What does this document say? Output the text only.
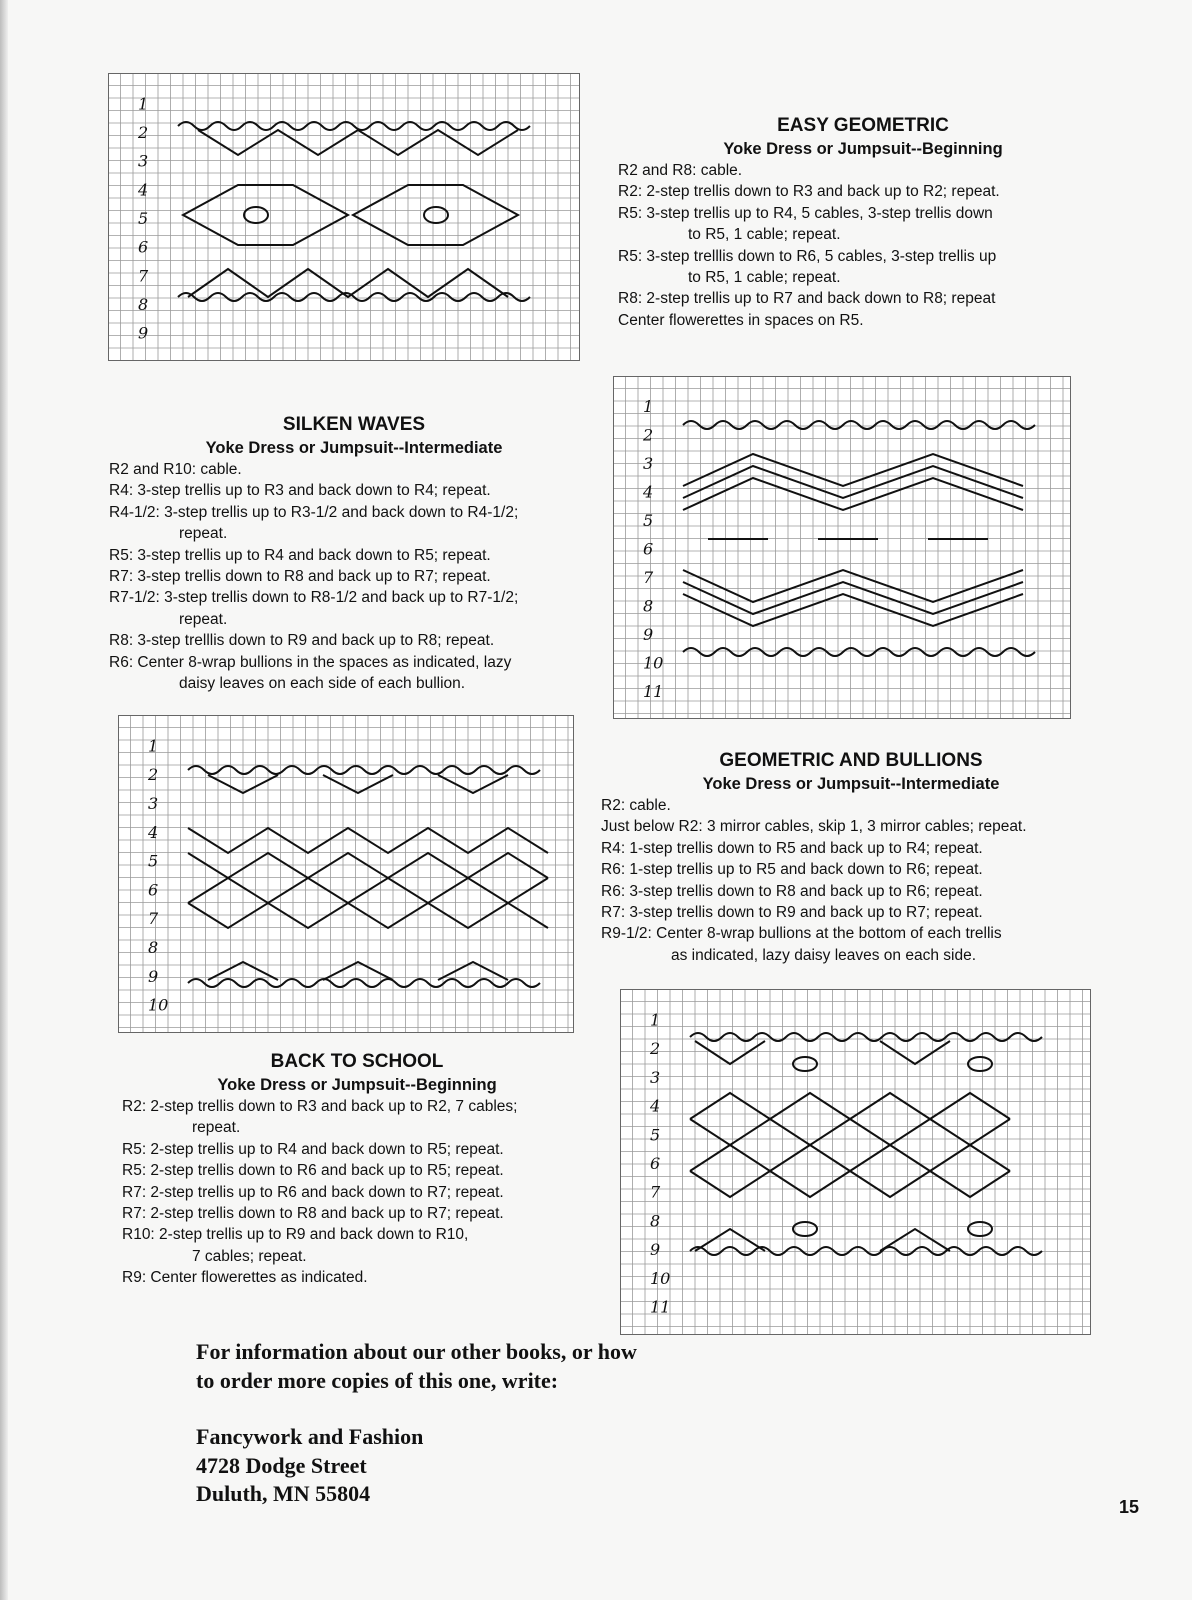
1
2
3
4
5
6
7
8
9
1
2
3
4
5
6
7
8
9
10
11
1
2
3
4
5
6
7
8
9
10
1
2
3
4
5
6
7
8
9
10
11
EASY GEOMETRIC
Yoke Dress or Jumpsuit--Beginning
R2 and R8: cable.
R2: 2-step trellis down to R3 and back up to R2; repeat.
R5: 3-step trellis up to R4, 5 cables, 3-step trellis down
to R5, 1 cable; repeat.
R5: 3-step trelllis down to R6, 5 cables, 3-step trellis up
to R5, 1 cable; repeat.
R8: 2-step trellis up to R7 and back down to R8; repeat
Center flowerettes in spaces on R5.
SILKEN WAVES
Yoke Dress or Jumpsuit--Intermediate
R2 and R10: cable.
R4: 3-step trellis up to R3 and back down to R4; repeat.
R4-1/2: 3-step trellis up to R3-1/2 and back down to R4-1/2;
repeat.
R5: 3-step trellis up to R4 and back down to R5; repeat.
R7: 3-step trellis down to R8 and back up to R7; repeat.
R7-1/2: 3-step trellis down to R8-1/2 and back up to R7-1/2;
repeat.
R8: 3-step trelllis down to R9 and back up to R8; repeat.
R6: Center 8-wrap bullions in the spaces as indicated, lazy
daisy leaves on each side of each bullion.
GEOMETRIC AND BULLIONS
Yoke Dress or Jumpsuit--Intermediate
R2: cable.
Just below R2: 3 mirror cables, skip 1, 3 mirror cables; repeat.
R4: 1-step trellis down to R5 and back up to R4; repeat.
R6: 1-step trellis up to R5 and back down to R6; repeat.
R6: 3-step trellis down to R8 and back up to R6; repeat.
R7: 3-step trellis down to R9 and back up to R7; repeat.
R9-1/2: Center 8-wrap bullions at the bottom of each trellis
as indicated, lazy daisy leaves on each side.
BACK TO SCHOOL
Yoke Dress or Jumpsuit--Beginning
R2: 2-step trellis down to R3 and back up to R2, 7 cables;
repeat.
R5: 2-step trellis up to R4 and back down to R5; repeat.
R5: 2-step trellis down to R6 and back up to R5; repeat.
R7: 2-step trellis up to R6 and back down to R7; repeat.
R7: 2-step trellis down to R8 and back up to R7; repeat.
R10: 2-step trellis up to R9 and back down to R10,
7 cables; repeat.
R9: Center flowerettes as indicated.
For information about our other books, or how
to order more copies of this one, write:
Fancywork and Fashion
4728 Dodge Street
Duluth, MN 55804
15
